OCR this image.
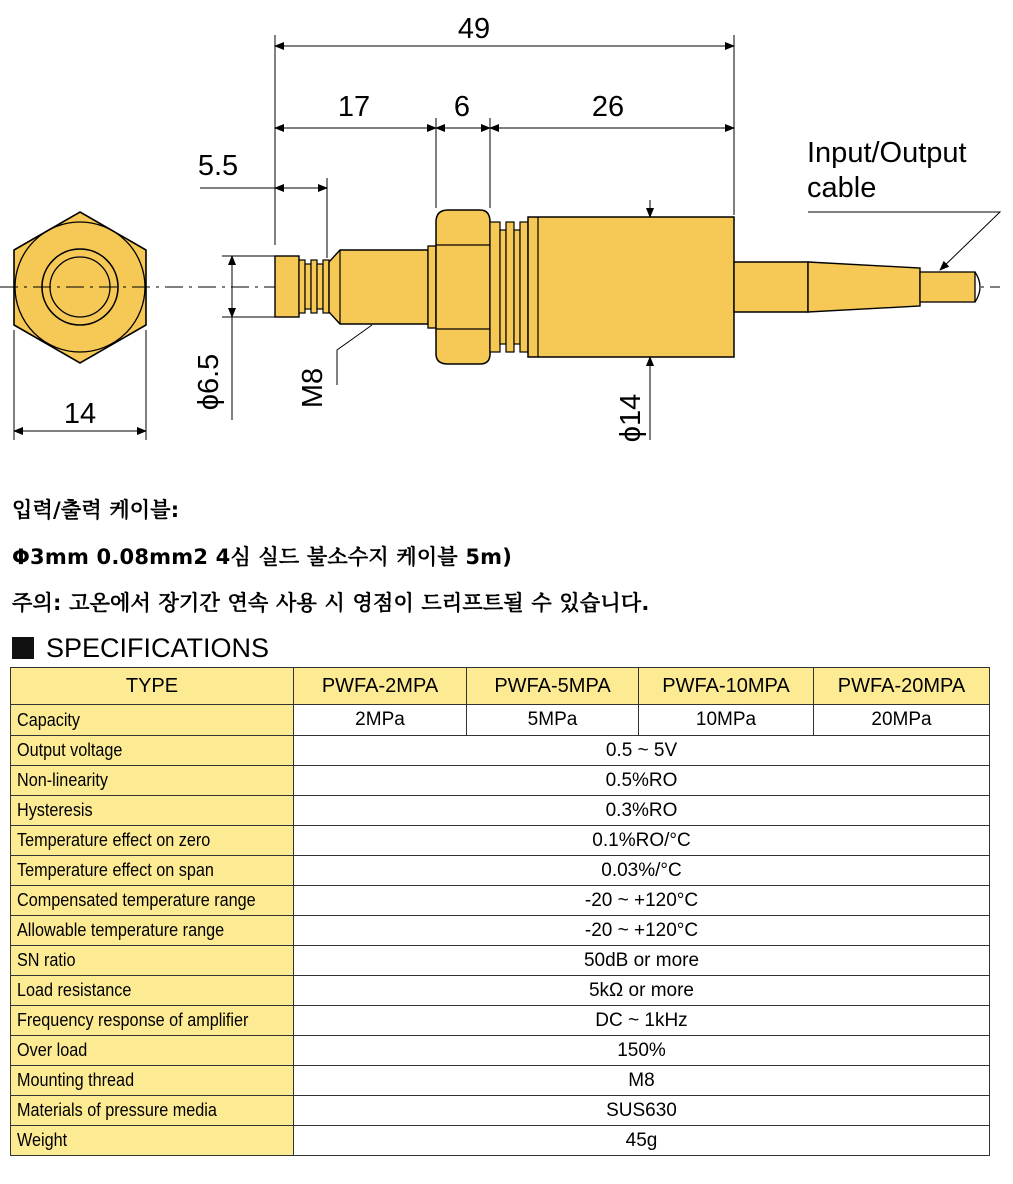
49
17	6	26
5.5
14
ϕ6.5 M8
ϕ14
Input/Output
cable
입력/출력 케이블:
Φ3mm 0.08mm2 4심 실드 불소수지 케이블 5m)
주의: 고온에서 장기간 연속 사용 시 영점이 드리프트될 수 있습니다.
SPECIFICATIONS
TYPE	PWFA-2MPA	PWFA-5MPA	PWFA-10MPA	PWFA-20MPA
Capacity	2MPa	5MPa	10MPa	20MPa
Output voltage	0.5 ~ 5V			
Non-linearity	0.5%RO			
Hysteresis	0.3%RO			
Temperature effect on zero	0.1%RO/°C			
Temperature effect on span	0.03%/°C			
Compensated temperature range	-20 ~ +120°C			
Allowable temperature range	-20 ~ +120°C			
SN ratio	50dB or more			
Load resistance	5kΩ or more			
Frequency response of amplifier	DC ~ 1kHz			
Over load	150%			
Mounting thread	M8			
Materials of pressure media	SUS630			
Weight	45g			
